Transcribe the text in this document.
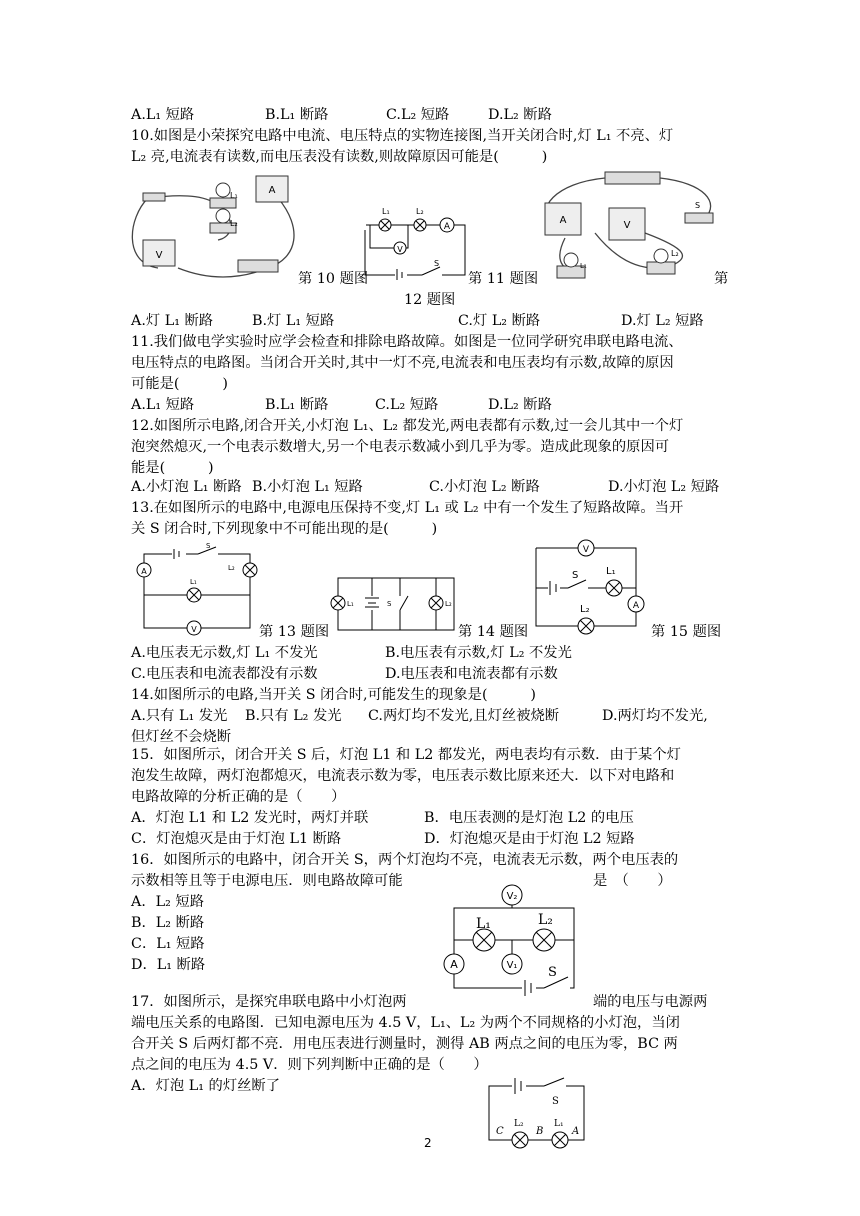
A.L₁ 短路	B.L₁ 断路	C.L₂ 短路	D.L₂ 断路
10.如图是小荣探究电路中电流、电压特点的实物连接图,当开关闭合时,灯 L₁ 不亮、灯
L₂ 亮,电流表有读数,而电压表没有读数,则故障原因可能是(　　　)
A
V
L₁
L₂	A
V
L₁	L₂
S
A	V
S
L₂
L₁
第 10 题图	第 11 题图	第
12 题图
A.灯 L₁ 断路	B.灯 L₁ 短路	C.灯 L₂ 断路	D.灯 L₂ 短路
11.我们做电学实验时应学会检查和排除电路故障。如图是一位同学研究串联电路电流、
电压特点的电路图。当闭合开关时,其中一灯不亮,电流表和电压表均有示数,故障的原因
可能是(　　　)
A.L₁ 短路	B.L₁ 断路	C.L₂ 短路	D.L₂ 断路
12.如图所示电路,闭合开关,小灯泡 L₁、L₂ 都发光,两电表都有示数,过一会儿其中一个灯
泡突然熄灭,一个电表示数增大,另一个电表示数减小到几乎为零。造成此现象的原因可
能是(　　　)
A.小灯泡 L₁ 断路 B.小灯泡 L₁ 短路	C.小灯泡 L₂ 断路	D.小灯泡 L₂ 短路
13.在如图所示的电路中,电源电压保持不变,灯 L₁ 或 L₂ 中有一个发生了短路故障。当开
关 S 闭合时,下列现象中不可能出现的是(　　　)
A
V
S
L₂
L₁
L₁	S	L₂
V
A
S	L₁
L₂
第 13 题图	第 14 题图	第 15 题图
A.电压表无示数,灯 L₁ 不发光	B.电压表有示数,灯 L₂ 不发光
C.电压表和电流表都没有示数	D.电压表和电流表都有示数
14.如图所示的电路,当开关 S 闭合时,可能发生的现象是(　　　)
A.只有 L₁ 发光 B.只有 L₂ 发光 C.两灯均不发光,且灯丝被烧断	D.两灯均不发光,
但灯丝不会烧断
15．如图所示，闭合开关 S 后，灯泡 L1 和 L2 都发光，两电表均有示数．由于某个灯
泡发生故障，两灯泡都熄灭，电流表示数为零，电压表示数比原来还大．以下对电路和
电路故障的分析正确的是（　　）
A．灯泡 L1 和 L2 发光时，两灯并联	B．电压表测的是灯泡 L2 的电压
C．灯泡熄灭是由于灯泡 L1 断路	D．灯泡熄灭是由于灯泡 L2 短路
16．如图所示的电路中，闭合开关 S，两个灯泡均不亮，电流表无示数，两个电压表的
示数相等且等于电源电压．则电路故障可能	是　（　　）
A．L₂ 短路
B．L₂ 断路
C．L₁ 短路
D．L₁ 断路
V₂
A	V₁
L₁	L₂
S
17．如图所示，是探究串联电路中小灯泡两	端的电压与电源两
端电压关系的电路图．已知电源电压为 4.5 V，L₁、L₂ 为两个不同规格的小灯泡，当闭
合开关 S 后两灯都不亮．用电压表进行测量时，测得 AB 两点之间的电压为零，BC 两
点之间的电压为 4.5 V．则下列判断中正确的是（　　）
A．灯泡 L₁ 的灯丝断了
S
C
L₂
B
L₁
A
2
